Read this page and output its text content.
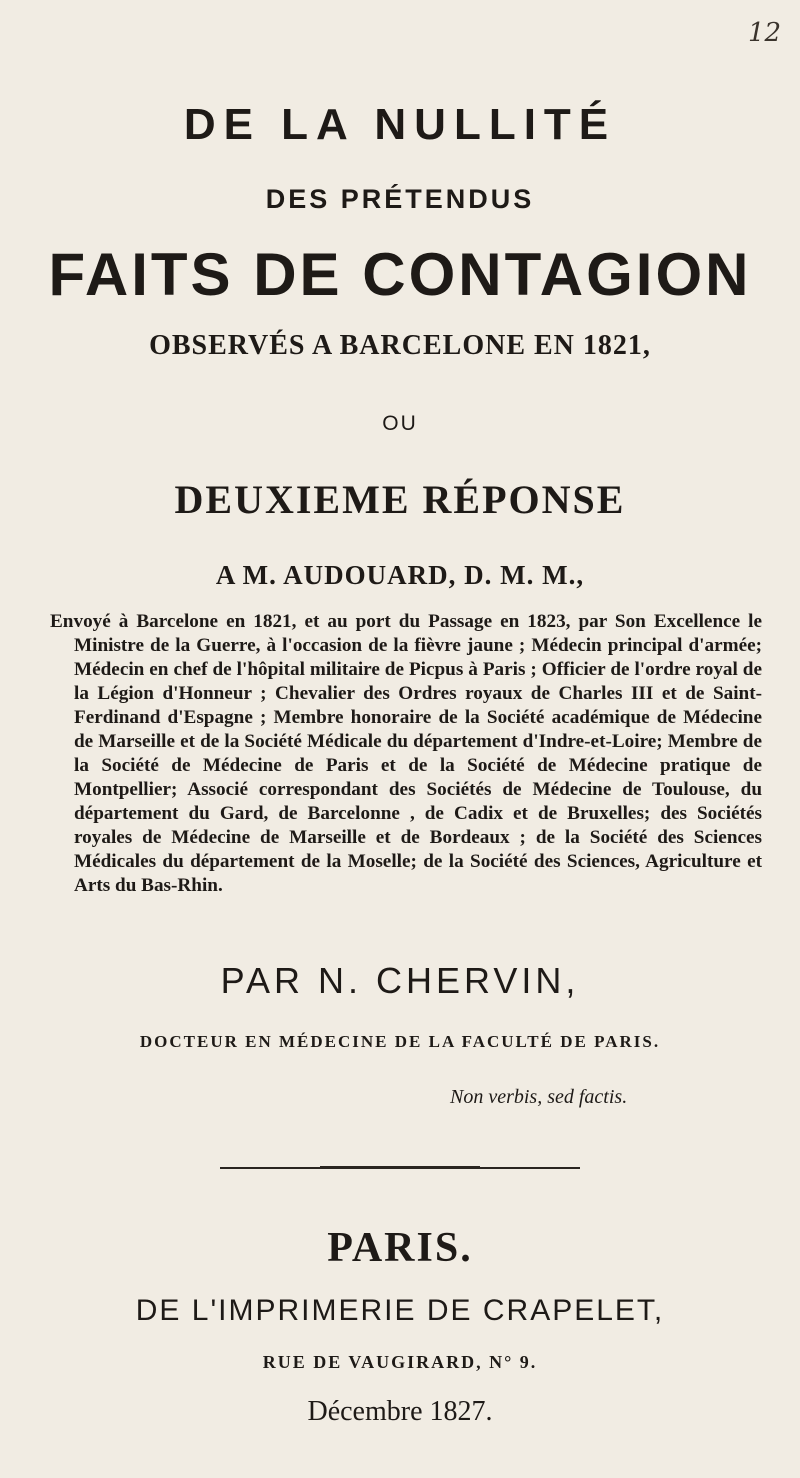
12
DE LA NULLITÉ
DES PRÉTENDUS
FAITS DE CONTAGION
OBSERVÉS A BARCELONE EN 1821,
OU
DEUXIEME RÉPONSE
A M. AUDOUARD, D. M. M.,
Envoyé à Barcelone en 1821, et au port du Passage en 1823, par Son Excellence le Ministre de la Guerre, à l'occasion de la fièvre jaune ; Médecin principal d'armée; Médecin en chef de l'hôpital militaire de Picpus à Paris ; Officier de l'ordre royal de la Légion d'Honneur ; Chevalier des Ordres royaux de Charles III et de Saint-Ferdinand d'Espagne ; Membre honoraire de la Société académique de Médecine de Marseille et de la Société Médicale du département d'Indre-et-Loire; Membre de la Société de Médecine de Paris et de la Société de Médecine pratique de Montpellier; Associé correspondant des Sociétés de Médecine de Toulouse, du département du Gard, de Barcelonne , de Cadix et de Bruxelles; des Sociétés royales de Médecine de Marseille et de Bordeaux ; de la Société des Sciences Médicales du département de la Moselle; de la Société des Sciences, Agriculture et Arts du Bas-Rhin.
PAR N. CHERVIN,
DOCTEUR EN MÉDECINE DE LA FACULTÉ DE PARIS.
Non verbis, sed factis.
PARIS.
DE L'IMPRIMERIE DE CRAPELET,
RUE DE VAUGIRARD, N° 9.
Décembre 1827.
